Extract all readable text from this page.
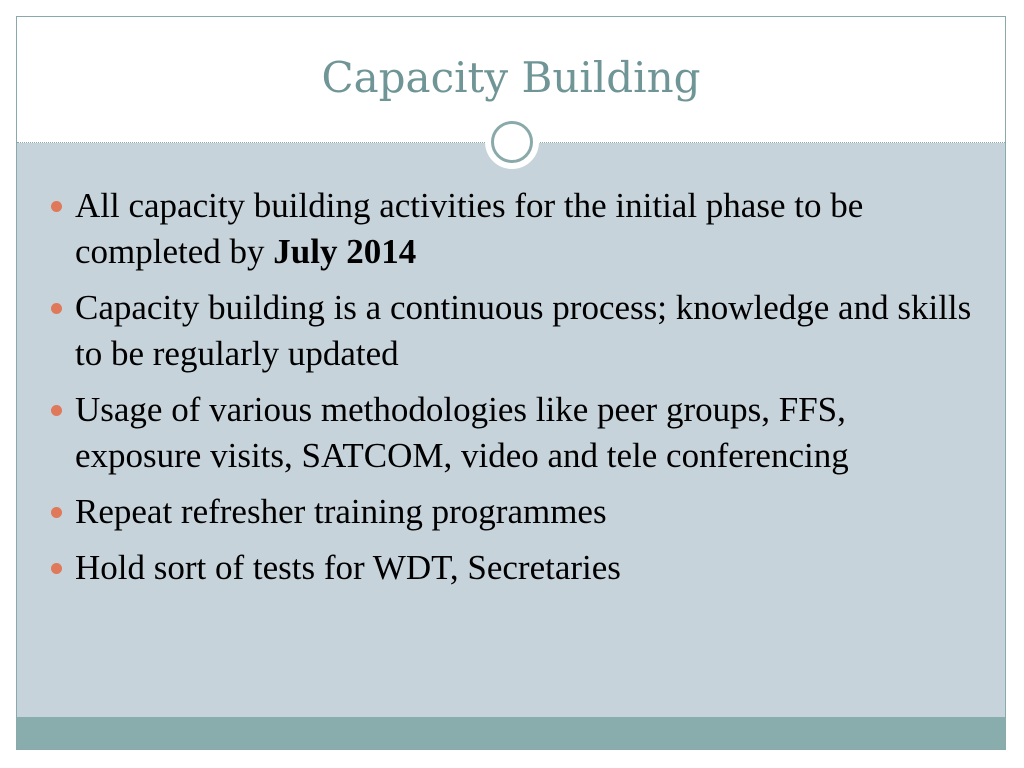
Capacity Building
All capacity building activities for the initial phase to be completed by July 2014
Capacity building is a continuous process; knowledge and skills to be regularly updated
Usage of various methodologies like peer groups, FFS, exposure visits, SATCOM, video and tele conferencing
Repeat refresher training programmes
Hold sort of tests for WDT, Secretaries
